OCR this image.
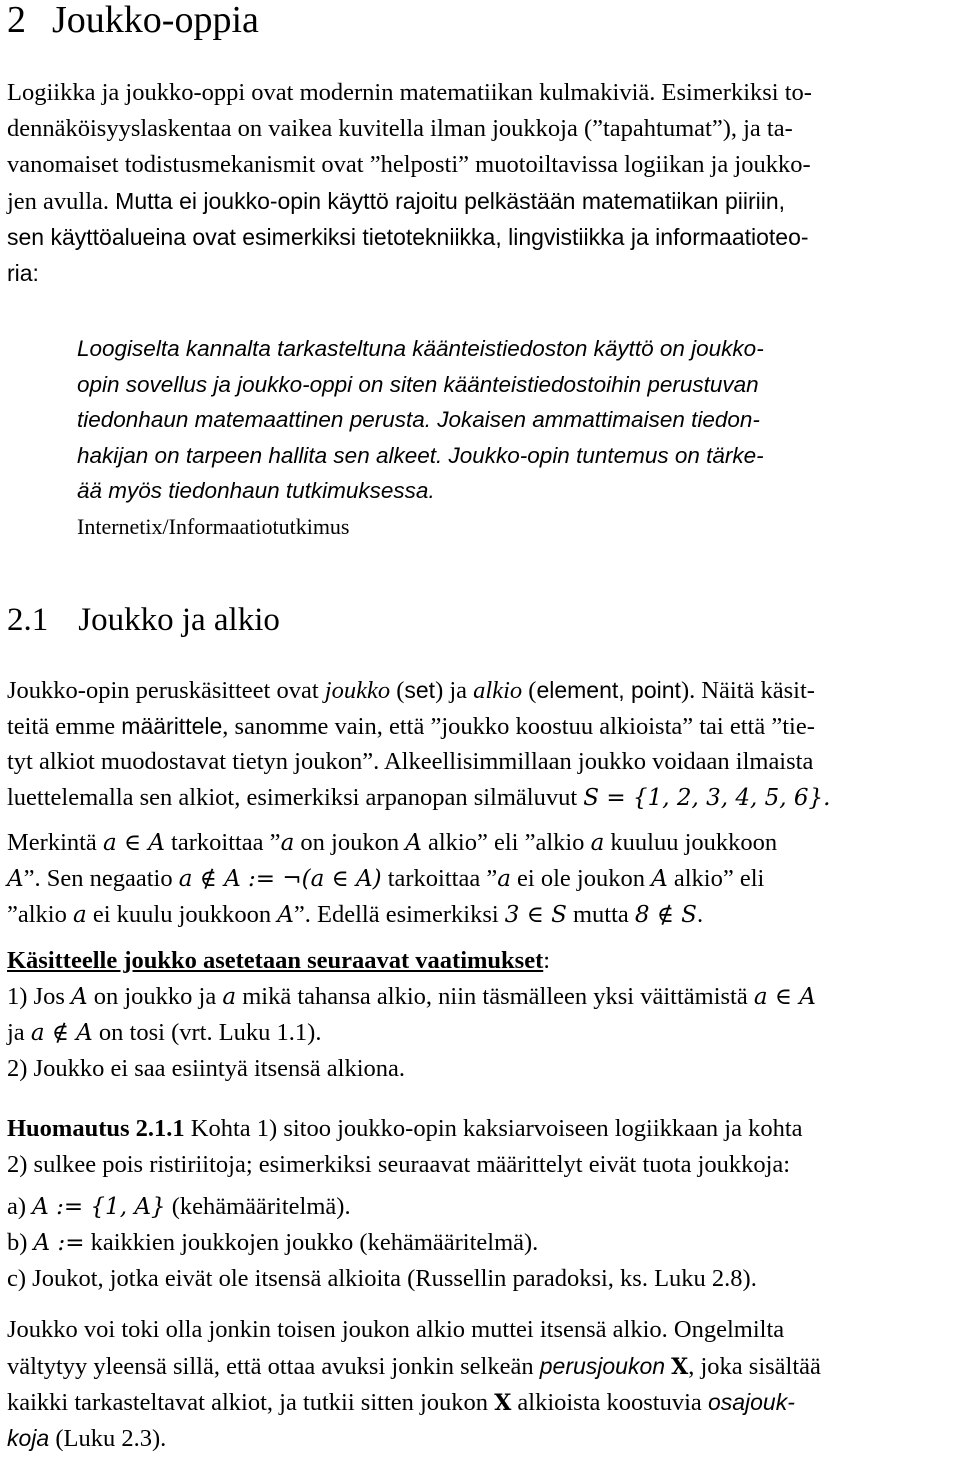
2 Joukko-oppia
Logiikka ja joukko-oppi ovat modernin matematiikan kulmakiviä. Esimerkiksi to-
dennäköisyyslaskentaa on vaikea kuvitella ilman joukkoja (”tapahtumat”), ja ta-
vanomaiset todistusmekanismit ovat ”helposti” muotoiltavissa logiikan ja joukko-
jen avulla. Mutta ei joukko-opin käyttö rajoitu pelkästään matematiikan piiriin,
sen käyttöalueina ovat esimerkiksi tietotekniikka, lingvistiikka ja informaatioteo-
ria:
Loogiselta kannalta tarkasteltuna käänteistiedoston käyttö on joukko-
opin sovellus ja joukko-oppi on siten käänteistiedostoihin perustuvan
tiedonhaun matemaattinen perusta. Jokaisen ammattimaisen tiedon-
hakijan on tarpeen hallita sen alkeet. Joukko-opin tuntemus on tärke-
ää myös tiedonhaun tutkimuksessa.
Internetix/Informaatiotutkimus
2.1 Joukko ja alkio
Joukko-opin peruskäsitteet ovat joukko (set) ja alkio (element, point). Näitä käsit-
teitä emme määrittele, sanomme vain, että ”joukko koostuu alkioista” tai että ”tie-
tyt alkiot muodostavat tietyn joukon”. Alkeellisimmillaan joukko voidaan ilmaista
luettelemalla sen alkiot, esimerkiksi arpanopan silmäluvut S = {1, 2, 3, 4, 5, 6}.
Merkintä a ∈ A tarkoittaa ”a on joukon A alkio” eli ”alkio a kuuluu joukkoon
A”. Sen negaatio a ∉ A := ¬(a ∈ A) tarkoittaa ”a ei ole joukon A alkio” eli
”alkio a ei kuulu joukkoon A”. Edellä esimerkiksi 3 ∈ S mutta 8 ∉ S.
Käsitteelle joukko asetetaan seuraavat vaatimukset:
1) Jos A on joukko ja a mikä tahansa alkio, niin täsmälleen yksi väittämistä a ∈ A
ja a ∉ A on tosi (vrt. Luku 1.1).
2) Joukko ei saa esiintyä itsensä alkiona.
Huomautus 2.1.1 Kohta 1) sitoo joukko-opin kaksiarvoiseen logiikkaan ja kohta
2) sulkee pois ristiriitoja; esimerkiksi seuraavat määrittelyt eivät tuota joukkoja:
a) A := {1, A} (kehämääritelmä).
b) A := kaikkien joukkojen joukko (kehämääritelmä).
c) Joukot, jotka eivät ole itsensä alkioita (Russellin paradoksi, ks. Luku 2.8).
Joukko voi toki olla jonkin toisen joukon alkio muttei itsensä alkio. Ongelmilta
vältytyy yleensä sillä, että ottaa avuksi jonkin selkeän perusjoukon X, joka sisältää
kaikki tarkasteltavat alkiot, ja tutkii sitten joukon X alkioista koostuvia osajouk-
koja (Luku 2.3).
